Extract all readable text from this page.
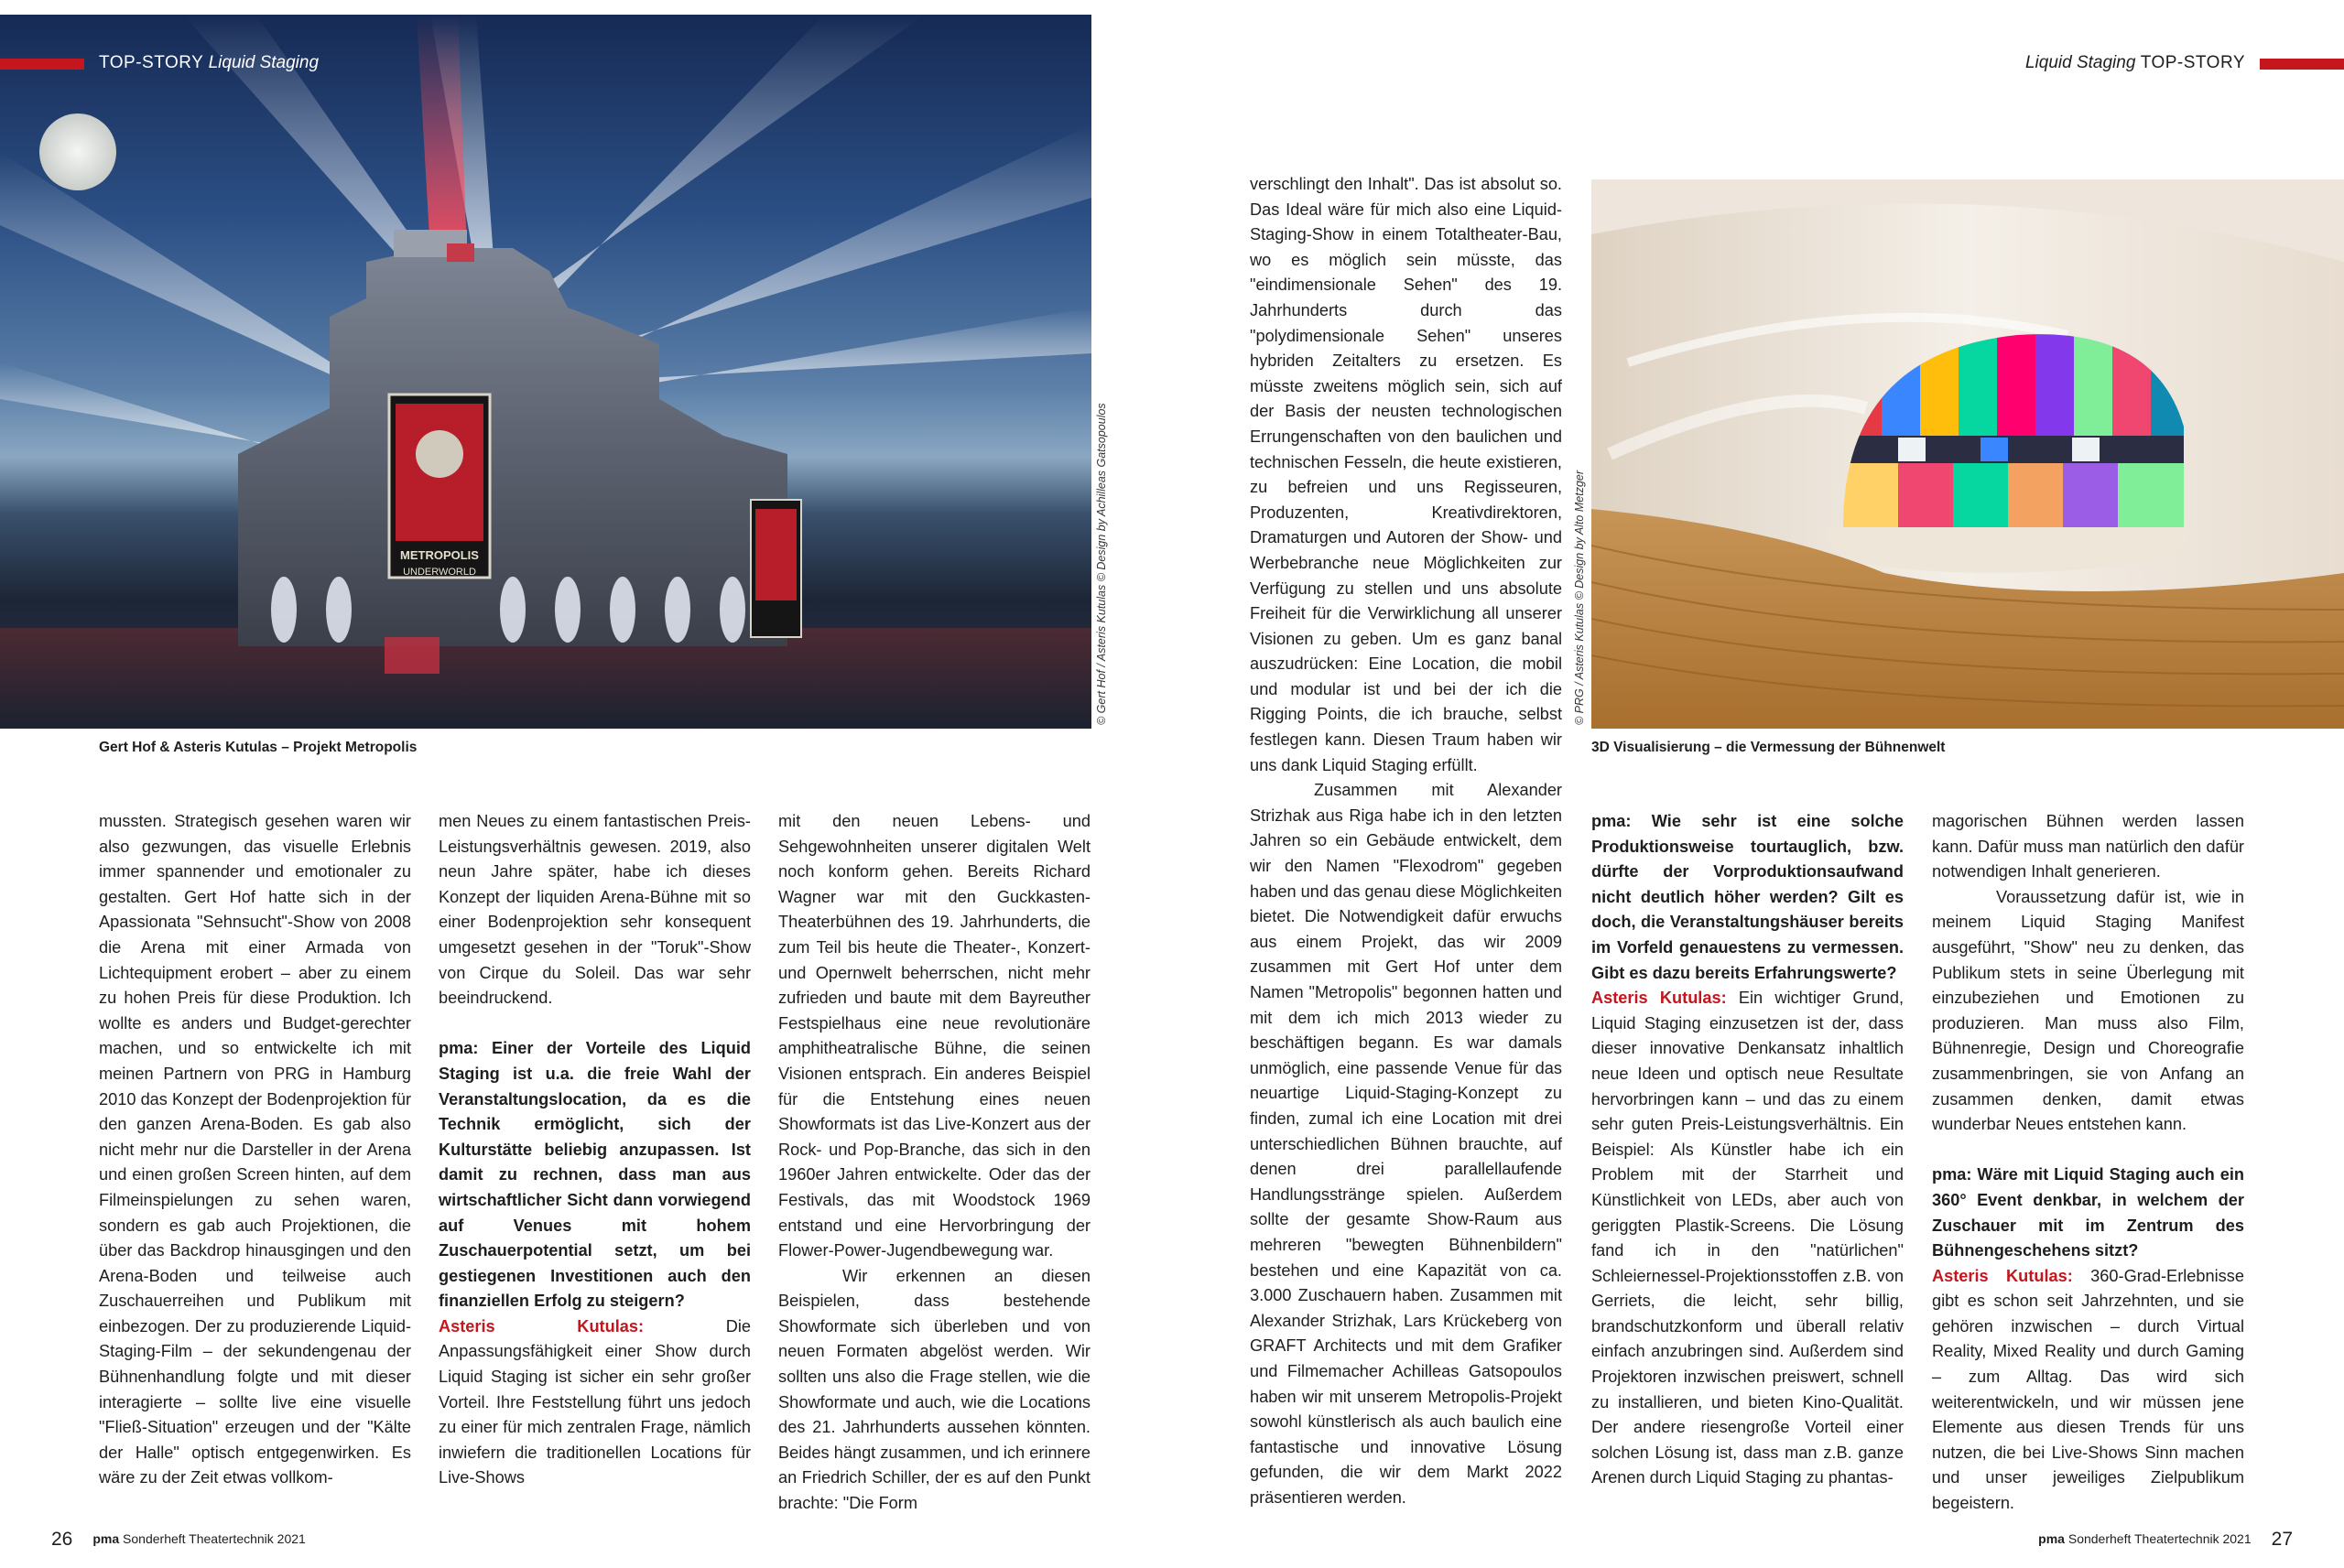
METROPOLIS
UNDERWORLD
TOP-STORY Liquid Staging
© Gert Hof / Asteris Kutulas © Design by Achilleas Gatsopoulos
Gert Hof & Asteris Kutulas – Projekt Metropolis
© PRG / Asteris Kutulas © Design by Alto Metzger
3D Visualisierung – die Vermessung der Bühnenwelt
Liquid Staging TOP-STORY

mussten. Strategisch gesehen waren wir also gezwungen, das visuelle Erlebnis immer spannender und emotionaler zu gestalten. Gert Hof hatte sich in der Apassionata "Sehnsucht"-Show von 2008 die Arena mit einer Armada von Lichtequipment erobert – aber zu einem zu hohen Preis für diese Produktion. Ich wollte es anders und Budget-gerechter machen, und so entwickelte ich mit meinen Partnern von PRG in Hamburg 2010 das Konzept der Bodenprojektion für den ganzen Arena-Boden. Es gab also nicht mehr nur die Darsteller in der Arena und einen großen Screen hinten, auf dem Filmeinspielungen zu sehen waren, sondern es gab auch Projektionen, die über das Backdrop hinausgingen und den Arena-Boden und teilweise auch Zuschauerreihen und Publikum mit einbezogen. Der zu produzierende Liquid-Staging-Film – der sekundengenau der Bühnenhandlung folgte und mit dieser interagierte – sollte live eine visuelle "Fließ-Situation" erzeugen und der "Kälte der Halle" optisch entgegenwirken. Es wäre zu der Zeit etwas vollkom-

men Neues zu einem fantastischen Preis-Leistungsverhältnis gewesen. 2019, also neun Jahre später, habe ich dieses Konzept der liquiden Arena-Bühne mit so einer Bodenprojektion sehr konsequent umgesetzt gesehen in der "Toruk"-Show von Cirque du Soleil. Das war sehr beeindruckend.

pma: Einer der Vorteile des Liquid Staging ist u.a. die freie Wahl der Veranstaltungslocation, da es die Technik ermöglicht, sich der Kulturstätte beliebig anzupassen. Ist damit zu rechnen, dass man aus wirtschaftlicher Sicht dann vorwiegend auf Venues mit hohem Zuschauerpotential setzt, um bei gestiegenen Investitionen auch den finanziellen Erfolg zu steigern?

Asteris Kutulas: Die Anpassungsfähigkeit einer Show durch Liquid Staging ist sicher ein sehr großer Vorteil. Ihre Feststellung führt uns jedoch zu einer für mich zentralen Frage, nämlich inwiefern die traditionellen Locations für Live-Shows

mit den neuen Lebens- und Sehgewohnheiten unserer digitalen Welt noch konform gehen. Bereits Richard Wagner war mit den Guckkasten-Theaterbühnen des 19. Jahrhunderts, die zum Teil bis heute die Theater-, Konzert- und Opernwelt beherrschen, nicht mehr zufrieden und baute mit dem Bayreuther Festspielhaus eine neue revolutionäre amphitheatralische Bühne, die seinen Visionen entsprach. Ein anderes Beispiel für die Entstehung eines neuen Showformats ist das Live-Konzert aus der Rock- und Pop-Branche, das sich in den 1960er Jahren entwickelte. Oder das der Festivals, das mit Woodstock 1969 entstand und eine Hervorbringung der Flower-Power-Jugendbewegung war.

Wir erkennen an diesen Beispielen, dass bestehende Showformate sich überleben und von neuen Formaten abgelöst werden. Wir sollten uns also die Frage stellen, wie die Showformate und auch, wie die Locations des 21. Jahrhunderts aussehen könnten. Beides hängt zusammen, und ich erinnere an Friedrich Schiller, der es auf den Punkt brachte: "Die Form

verschlingt den Inhalt". Das ist absolut so. Das Ideal wäre für mich also eine Liquid-Staging-Show in einem Totaltheater-Bau, wo es möglich sein müsste, das "eindimensionale Sehen" des 19. Jahrhunderts durch das "polydimensionale Sehen" unseres hybriden Zeitalters zu ersetzen. Es müsste zweitens möglich sein, sich auf der Basis der neusten technologischen Errungenschaften von den baulichen und technischen Fesseln, die heute existieren, zu befreien und uns Regisseuren, Produzenten, Kreativdirektoren, Dramaturgen und Autoren der Show- und Werbebranche neue Möglichkeiten zur Verfügung zu stellen und uns absolute Freiheit für die Verwirklichung all unserer Visionen zu geben. Um es ganz banal auszudrücken: Eine Location, die mobil und modular ist und bei der ich die Rigging Points, die ich brauche, selbst festlegen kann. Diesen Traum haben wir uns dank Liquid Staging erfüllt.

Zusammen mit Alexander Strizhak aus Riga habe ich in den letzten Jahren so ein Gebäude entwickelt, dem wir den Namen "Flexodrom" gegeben haben und das genau diese Möglichkeiten bietet. Die Notwendigkeit dafür erwuchs aus einem Projekt, das wir 2009 zusammen mit Gert Hof unter dem Namen "Metropolis" begonnen hatten und mit dem ich mich 2013 wieder zu beschäftigen begann. Es war damals unmöglich, eine passende Venue für das neuartige Liquid-Staging-Konzept zu finden, zumal ich eine Location mit drei unterschiedlichen Bühnen brauchte, auf denen drei parallellaufende Handlungsstränge spielen. Außerdem sollte der gesamte Show-Raum aus mehreren "bewegten Bühnenbildern" bestehen und eine Kapazität von ca. 3.000 Zuschauern haben. Zusammen mit Alexander Strizhak, Lars Krückeberg von GRAFT Architects und mit dem Grafiker und Filmemacher Achilleas Gatsopoulos haben wir mit unserem Metropolis-Projekt sowohl künstlerisch als auch baulich eine fantastische und innovative Lösung gefunden, die wir dem Markt 2022 präsentieren werden.

pma: Wie sehr ist eine solche Produktionsweise tourtauglich, bzw. dürfte der Vorproduktionsaufwand nicht deutlich höher werden? Gilt es doch, die Veranstaltungshäuser bereits im Vorfeld genauestens zu vermessen. Gibt es dazu bereits Erfahrungswerte?

Asteris Kutulas: Ein wichtiger Grund, Liquid Staging einzusetzen ist der, dass dieser innovative Denkansatz inhaltlich neue Ideen und optisch neue Resultate hervorbringen kann – und das zu einem sehr guten Preis-Leistungsverhältnis. Ein Beispiel: Als Künstler habe ich ein Problem mit der Starrheit und Künstlichkeit von LEDs, aber auch von geriggten Plastik-Screens. Die Lösung fand ich in den "natürlichen" Schleiernessel-Projektionsstoffen z.B. von Gerriets, die leicht, sehr billig, brandschutzkonform und überall relativ einfach anzubringen sind. Außerdem sind Projektoren inzwischen preiswert, schnell zu installieren, und bieten Kino-Qualität. Der andere riesengroße Vorteil einer solchen Lösung ist, dass man z.B. ganze Arenen durch Liquid Staging zu phantas-

magorischen Bühnen werden lassen kann. Dafür muss man natürlich den dafür notwendigen Inhalt generieren.

Voraussetzung dafür ist, wie in meinem Liquid Staging Manifest ausgeführt, "Show" neu zu denken, das Publikum stets in seine Überlegung mit einzubeziehen und Emotionen zu produzieren. Man muss also Film, Bühnenregie, Design und Choreografie zusammenbringen, sie von Anfang an zusammen denken, damit etwas wunderbar Neues entstehen kann.

pma: Wäre mit Liquid Staging auch ein 360° Event denkbar, in welchem der Zuschauer mit im Zentrum des Bühnengeschehens sitzt?

Asteris Kutulas: 360-Grad-Erlebnisse gibt es schon seit Jahrzehnten, und sie gehören inzwischen – durch Virtual Reality, Mixed Reality und durch Gaming – zum Alltag. Das wird sich weiterentwickeln, und wir müssen jene Elemente aus diesen Trends für uns nutzen, die bei Live-Shows Sinn machen und unser jeweiliges Zielpublikum begeistern.

26 pma Sonderheft Theatertechnik 2021	pma Sonderheft Theatertechnik 2021 27
